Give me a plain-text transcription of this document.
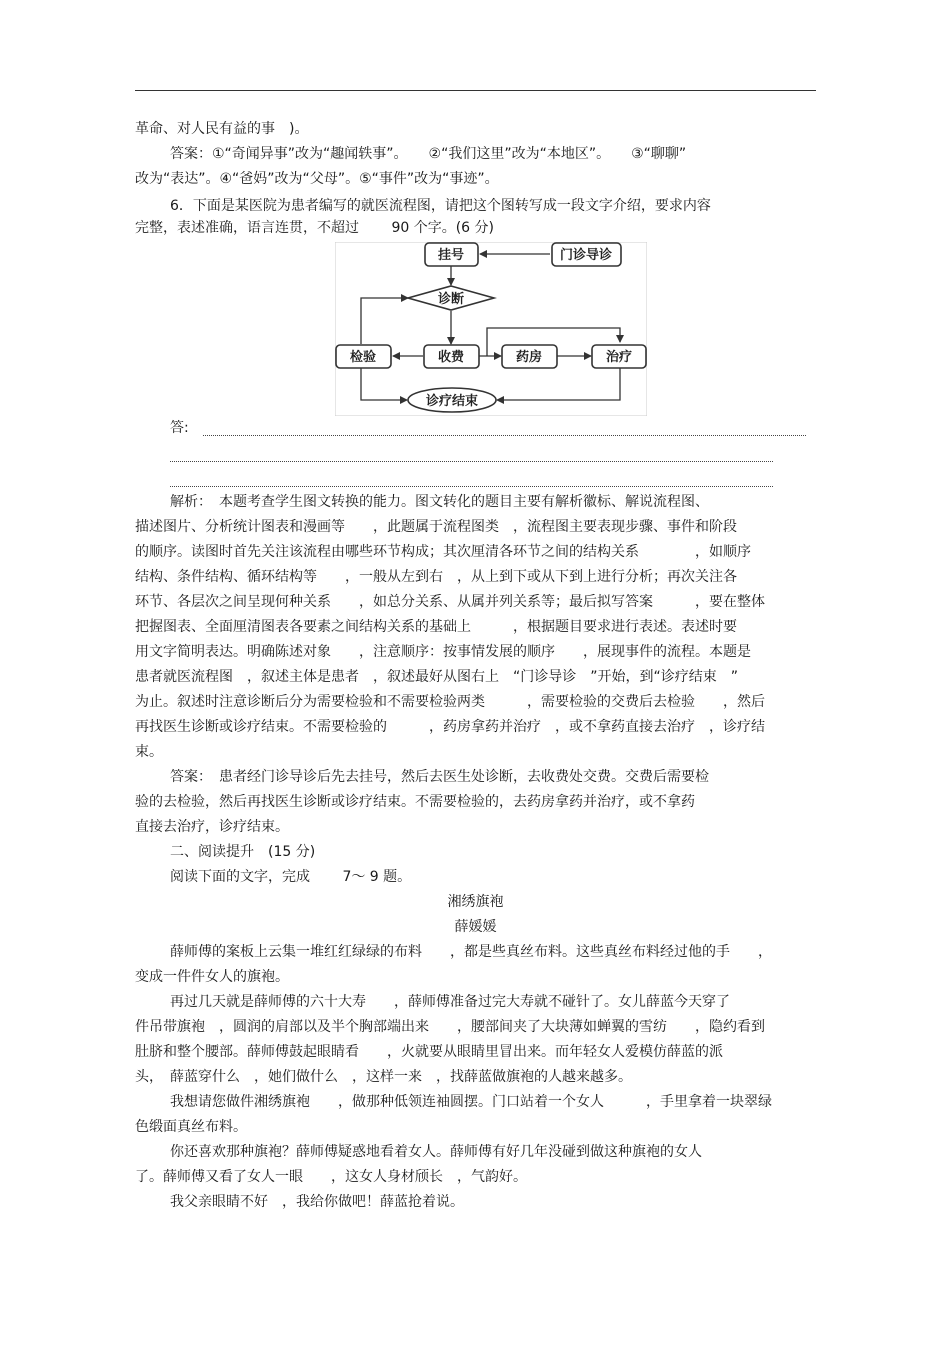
革命、对人民有益的事　)。
答案：①“奇闻异事”改为“趣闻轶事”。　　②“我们这里”改为“本地区”。　　③“聊聊”
改为“表达”。④“爸妈”改为“父母”。⑤“事件”改为“事迹”。
6．下面是某医院为患者编写的就医流程图，请把这个图转写成一段文字介绍，要求内容
完整，表述准确，语言连贯，不超过　　 90 个字。(6 分)
挂号	门诊导诊
诊断
检验	收费	药房	治疗
诊疗结束
答:
解析：　本题考查学生图文转换的能力。图文转化的题目主要有解析徽标、解说流程图、
描述图片、分析统计图表和漫画等　　，此题属于流程图类　，流程图主要表现步骤、事件和阶段
的顺序。读图时首先关注该流程由哪些环节构成；其次厘清各环节之间的结构关系　　　　，如顺序
结构、条件结构、循环结构等　　，一般从左到右　，从上到下或从下到上进行分析；再次关注各
环节、各层次之间呈现何种关系　　，如总分关系、从属并列关系等；最后拟写答案　　　，要在整体
把握图表、全面厘清图表各要素之间结构关系的基础上　　　，根据题目要求进行表述。表述时要
用文字简明表达。明确陈述对象　　，注意顺序：按事情发展的顺序　　，展现事件的流程。本题是
患者就医流程图　，叙述主体是患者　，叙述最好从图右上　“门诊导诊　”开始，到“诊疗结束　”
为止。叙述时注意诊断后分为需要检验和不需要检验两类　　　，需要检验的交费后去检验　　，然后
再找医生诊断或诊疗结束。不需要检验的　　　，药房拿药并治疗　，或不拿药直接去治疗　，诊疗结
束。
答案：　患者经门诊导诊后先去挂号，然后去医生处诊断，去收费处交费。交费后需要检
验的去检验，然后再找医生诊断或诊疗结束。不需要检验的，去药房拿药并治疗，或不拿药
直接去治疗，诊疗结束。
二、阅读提升　(15 分)
阅读下面的文字，完成　　 7～ 9 题。
湘绣旗袍
薛媛媛
薛师傅的案板上云集一堆红红绿绿的布料　　，都是些真丝布料。这些真丝布料经过他的手　　，
变成一件件女人的旗袍。
再过几天就是薛师傅的六十大寿　　，薛师傅准备过完大寿就不碰针了。女儿薛蓝今天穿了
件吊带旗袍　，圆润的肩部以及半个胸部端出来　　，腰部间夹了大块薄如蝉翼的雪纺　　，隐约看到
肚脐和整个腰部。薛师傅鼓起眼睛看　　，火就要从眼睛里冒出来。而年轻女人爱模仿薛蓝的派
头，　薛蓝穿什么　，她们做什么　，这样一来　，找薛蓝做旗袍的人越来越多。
我想请您做件湘绣旗袍　　，做那种低领连袖圆摆。门口站着一个女人　　　，手里拿着一块翠绿
色缎面真丝布料。
你还喜欢那种旗袍？薛师傅疑惑地看着女人。薛师傅有好几年没碰到做这种旗袍的女人
了。薛师傅又看了女人一眼　　，这女人身材颀长　，气韵好。
我父亲眼睛不好　，我给你做吧！薛蓝抢着说。
